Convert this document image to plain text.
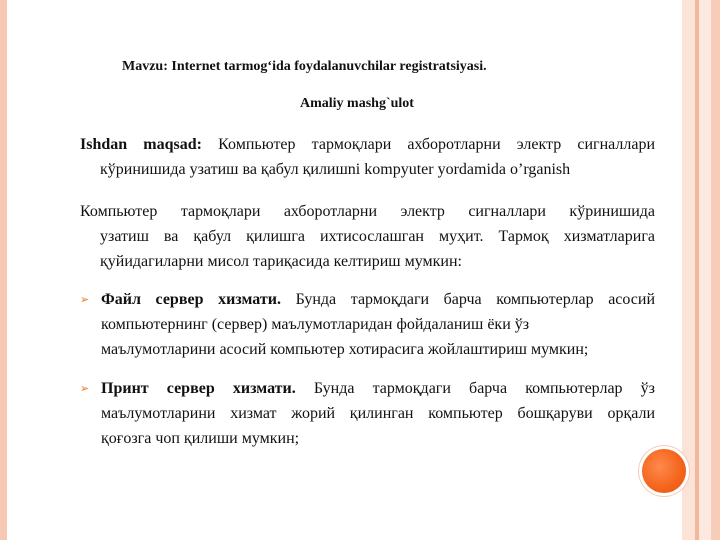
Mavzu: Internet tarmog‘ida foydalanuvchilar registratsiyasi.
Amaliy mashg`ulot
Ishdan maqsad: Компьютер тармоқлари ахборотларни электр сигналлари
кўринишида узатиш ва қабул қилишni kompyuter yordamida o’rganish
Компьютер тармоқлари ахборотларни электр сигналлари кўринишида
узатиш ва қабул қилишга ихтисослашган муҳит. Тармоқ хизматларига
қуйидагиларни мисол тариқасида келтириш мумкин:
➢ Файл сервер хизмати. Бунда тармоқдаги барча компьютерлар асосий
компьютернинг (сервер) маълумотларидан фойдаланиш ёки ўз
маълумотларини асосий компьютер хотирасига жойлаштириш мумкин;
➢ Принт сервер хизмати. Бунда тармоқдаги барча компьютерлар ўз
маълумотларини хизмат жорий қилинган компьютер бошқаруви орқали
қоғозга чоп қилиши мумкин;
